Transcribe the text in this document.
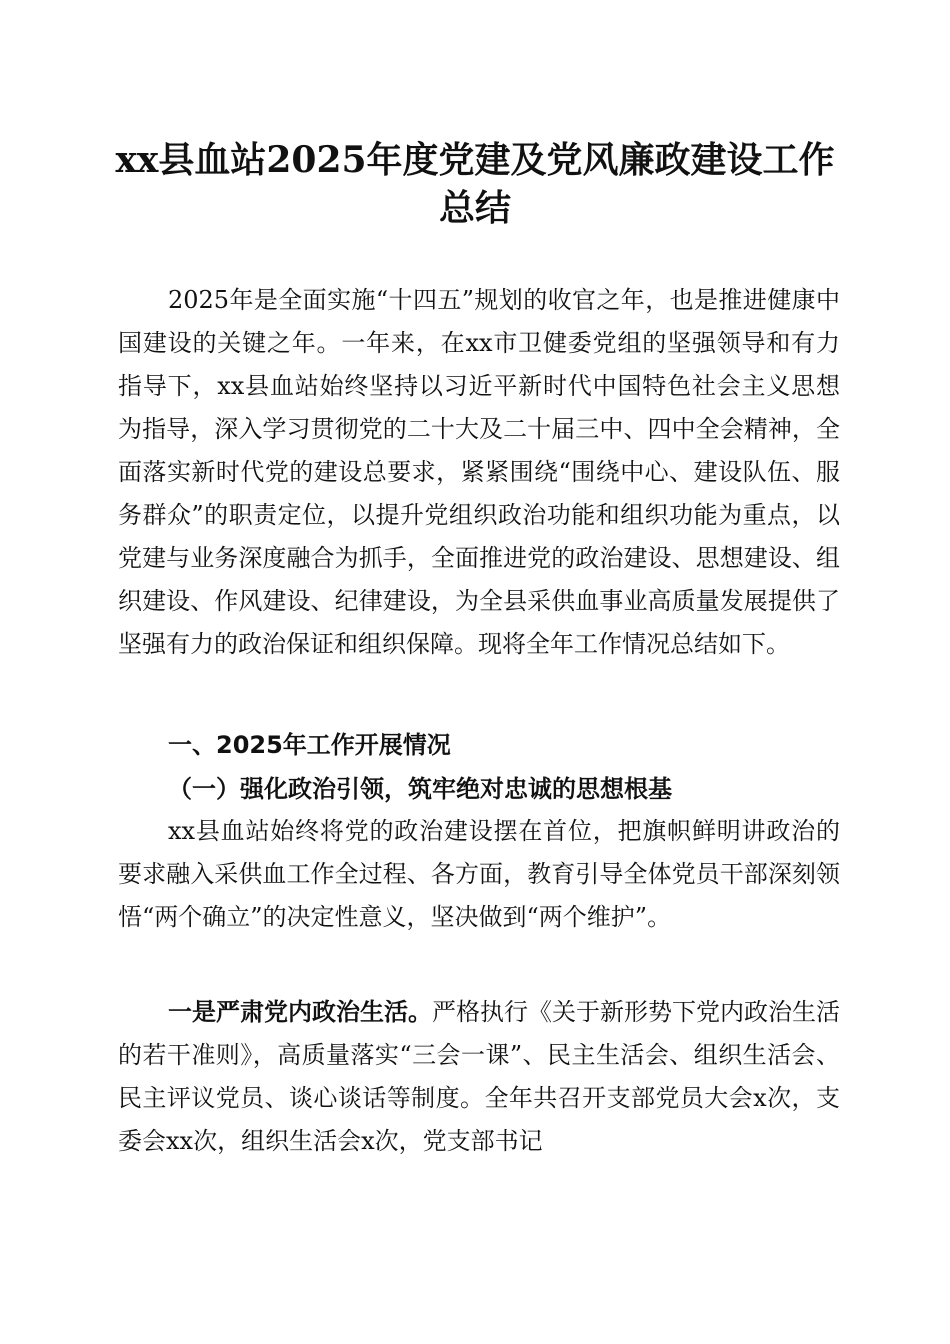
xx县血站2025年度党建及党风廉政建设工作
总结

2025年是全面实施“十四五”规划的收官之年，也是推进健康中国建设的关键之年。一年来，在xx市卫健委党组的坚强领导和有力指导下，xx县血站始终坚持以习近平新时代中国特色社会主义思想为指导，深入学习贯彻党的二十大及二十届三中、四中全会精神，全面落实新时代党的建设总要求，紧紧围绕“围绕中心、建设队伍、服务群众”的职责定位，以提升党组织政治功能和组织功能为重点，以党建与业务深度融合为抓手，全面推进党的政治建设、思想建设、组织建设、作风建设、纪律建设，为全县采供血事业高质量发展提供了坚强有力的政治保证和组织保障。现将全年工作情况总结如下。

一、2025年工作开展情况
（一）强化政治引领，筑牢绝对忠诚的思想根基

xx县血站始终将党的政治建设摆在首位，把旗帜鲜明讲政治的要求融入采供血工作全过程、各方面，教育引导全体党员干部深刻领悟“两个确立”的决定性意义，坚决做到“两个维护”。

一是严肃党内政治生活。严格执行《关于新形势下党内政治生活的若干准则》，高质量落实“三会一课”、民主生活会、组织生活会、民主评议党员、谈心谈话等制度。全年共召开支部党员大会x次，支委会xx次，组织生活会x次，党支部书记
